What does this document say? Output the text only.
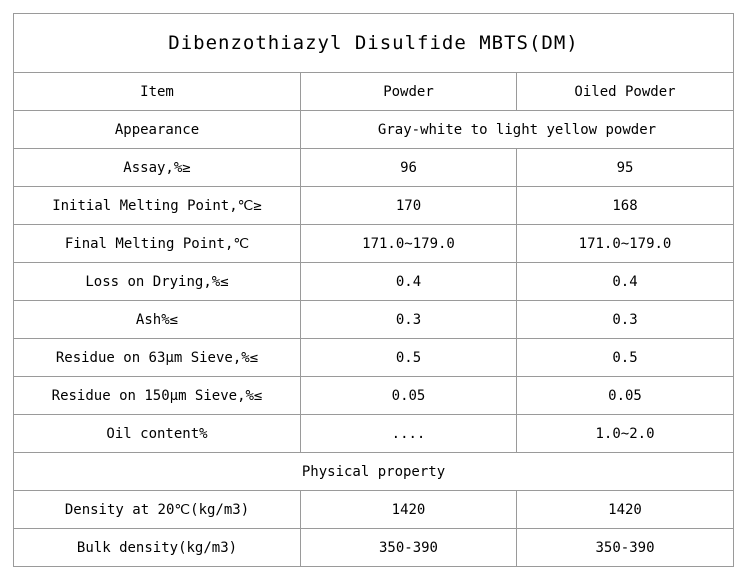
Dibenzothiazyl Disulfide MBTS(DM)		
Item	Powder	Oiled Powder
Appearance	Gray-white to light yellow powder	
Assay,%≥	96	95
Initial Melting Point,℃≥	170	168
Final Melting Point,℃	171.0~179.0	171.0~179.0
Loss on Drying,%≤	0.4	0.4
Ash%≤	0.3	0.3
Residue on 63μm Sieve,%≤	0.5	0.5
Residue on 150μm Sieve,%≤	0.05	0.05
Oil content%	....	1.0~2.0
Physical property		
Density at 20℃(kg/m3)	1420	1420
Bulk density(kg/m3)	350-390	350-390
